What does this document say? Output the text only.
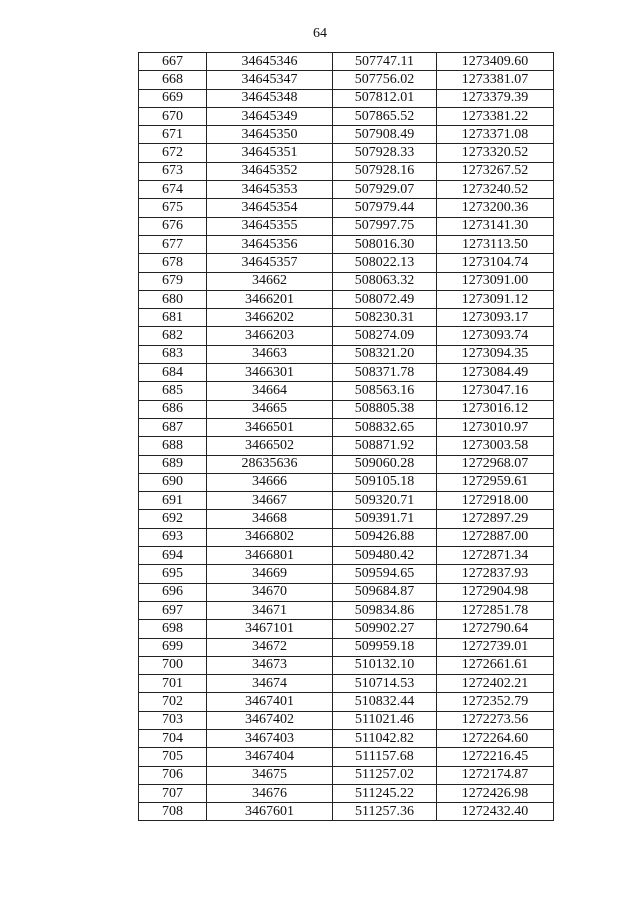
64
667	34645346	507747.11	1273409.60
668	34645347	507756.02	1273381.07
669	34645348	507812.01	1273379.39
670	34645349	507865.52	1273381.22
671	34645350	507908.49	1273371.08
672	34645351	507928.33	1273320.52
673	34645352	507928.16	1273267.52
674	34645353	507929.07	1273240.52
675	34645354	507979.44	1273200.36
676	34645355	507997.75	1273141.30
677	34645356	508016.30	1273113.50
678	34645357	508022.13	1273104.74
679	34662	508063.32	1273091.00
680	3466201	508072.49	1273091.12
681	3466202	508230.31	1273093.17
682	3466203	508274.09	1273093.74
683	34663	508321.20	1273094.35
684	3466301	508371.78	1273084.49
685	34664	508563.16	1273047.16
686	34665	508805.38	1273016.12
687	3466501	508832.65	1273010.97
688	3466502	508871.92	1273003.58
689	28635636	509060.28	1272968.07
690	34666	509105.18	1272959.61
691	34667	509320.71	1272918.00
692	34668	509391.71	1272897.29
693	3466802	509426.88	1272887.00
694	3466801	509480.42	1272871.34
695	34669	509594.65	1272837.93
696	34670	509684.87	1272904.98
697	34671	509834.86	1272851.78
698	3467101	509902.27	1272790.64
699	34672	509959.18	1272739.01
700	34673	510132.10	1272661.61
701	34674	510714.53	1272402.21
702	3467401	510832.44	1272352.79
703	3467402	511021.46	1272273.56
704	3467403	511042.82	1272264.60
705	3467404	511157.68	1272216.45
706	34675	511257.02	1272174.87
707	34676	511245.22	1272426.98
708	3467601	511257.36	1272432.40
